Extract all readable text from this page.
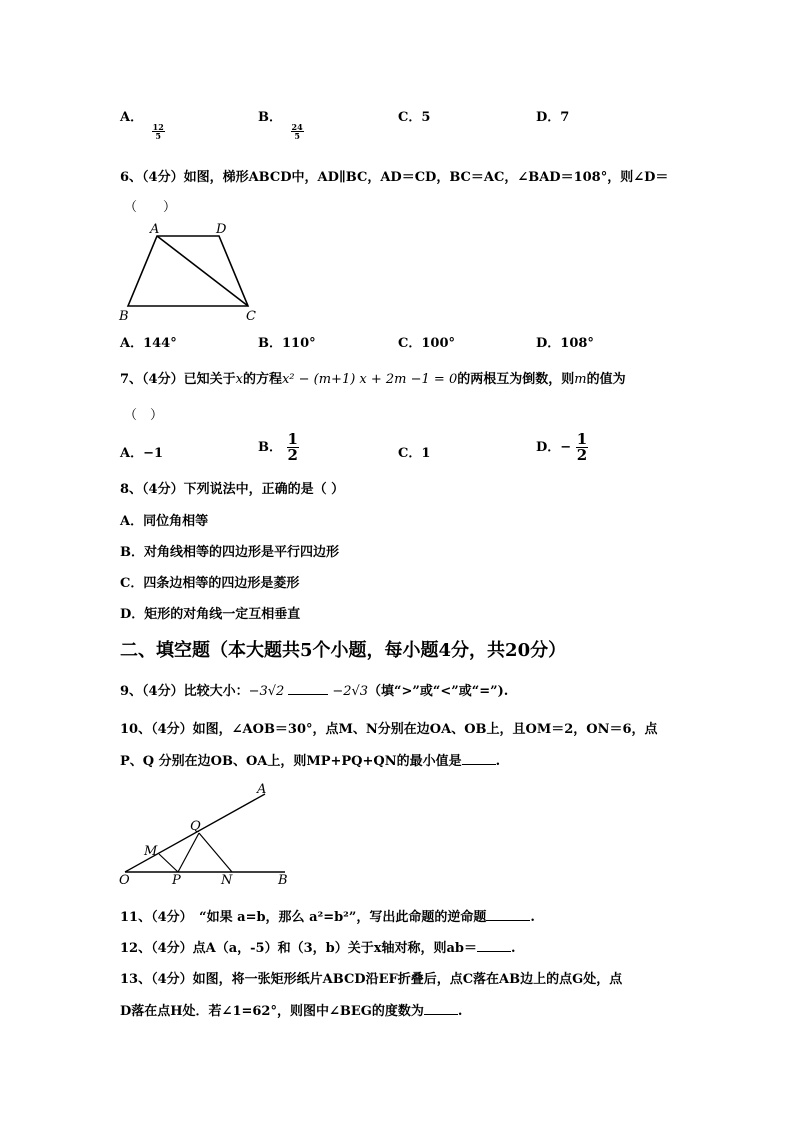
A．
$\frac{12}{5}$
B．
$\frac{24}{5}$
C．5	D．7
6、（4分）如图，梯形ABCD中，AD∥BC，AD＝CD，BC＝AC，∠BAD＝108°，则∠D＝
（　　）
A	D
B	C
A．144°	B．110°	C．100°	D．108°
7、（4分）已知关于x的方程x² − (m+1) x + 2m −1 = 0的两根互为倒数，则m的值为
（　）
A．−1	B． $\frac{1}{2}$	C．1	D．− $\frac{1}{2}$
8、（4分）下列说法中，正确的是（ ）
A．同位角相等
B．对角线相等的四边形是平行四边形
C．四条边相等的四边形是菱形
D．矩形的对角线一定互相垂直
二、填空题（本大题共5个小题，每小题4分，共20分）
9、（4分）比较大小：−3√2	−2√3（填“>”或“<”或“=”).
10、（4分）如图，∠AOB＝30°，点M、N分别在边OA、OB上，且OM＝2，ON＝6，点
P、Q 分别在边OB、OA上，则MP+PQ+QN的最小值是	.
A
Q
M
O	P	N	B
11、（4分）　“如果 a=b，那么 a²=b²”，写出此命题的逆命题	.
12、（4分）点A（a，-5）和（3，b）关于x轴对称，则ab＝	.
13、（4分）如图，将一张矩形纸片ABCD沿EF折叠后，点C落在AB边上的点G处，点
D落在点H处．若∠1=62°，则图中∠BEG的度数为	.
